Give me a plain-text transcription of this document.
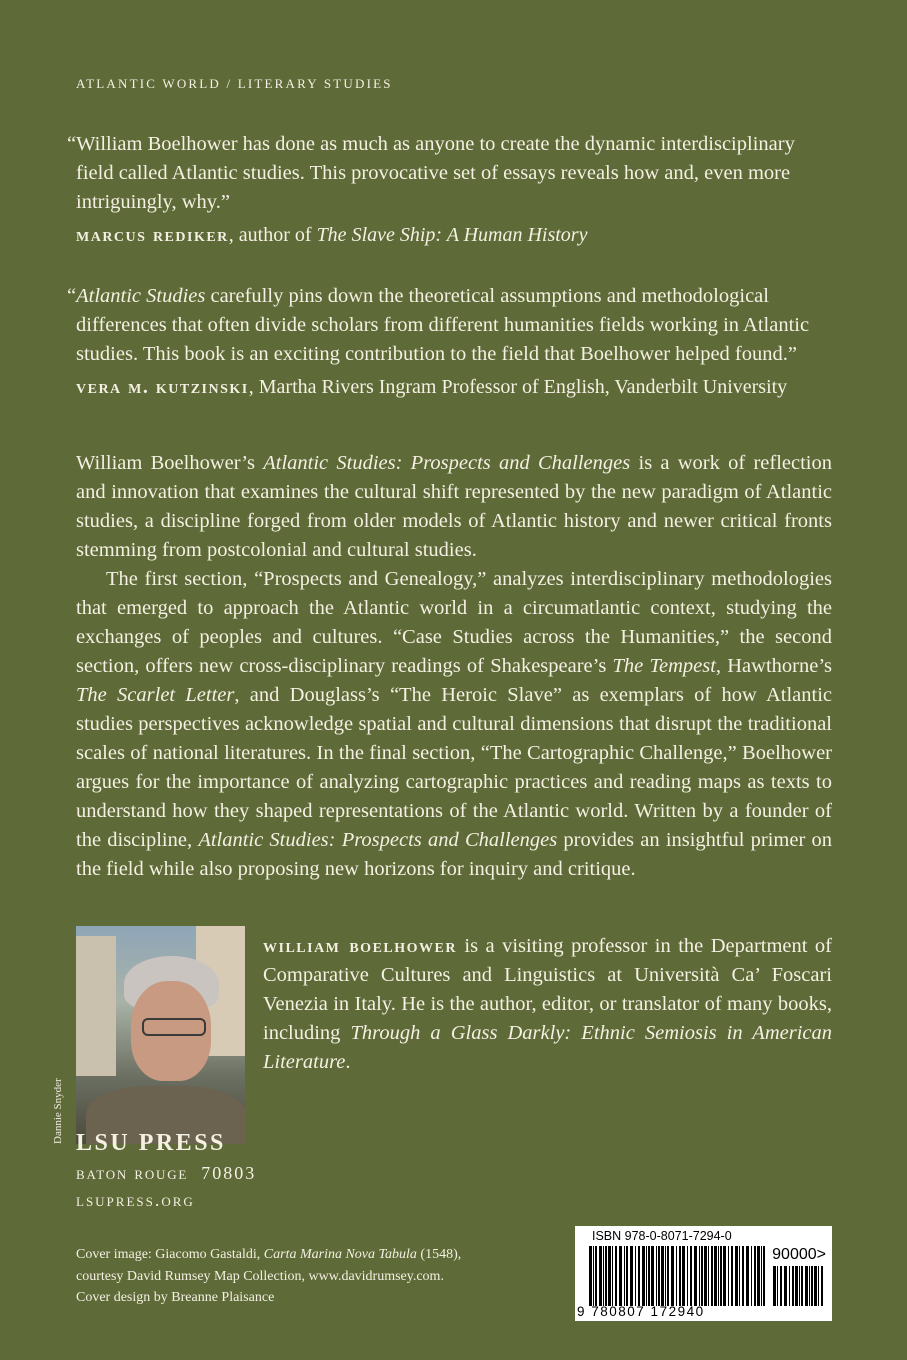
ATLANTIC WORLD / LITERARY STUDIES

“William Boelhower has done as much as anyone to create the dynamic interdisciplinary field called Atlantic studies. This provocative set of essays reveals how and, even more intriguingly, why.”

marcus rediker, author of The Slave Ship: A Human History

“Atlantic Studies carefully pins down the theoretical assumptions and methodological differences that often divide scholars from different humanities fields working in Atlantic studies. This book is an exciting contribution to the field that Boelhower helped found.”

vera m. kutzinski, Martha Rivers Ingram Professor of English, Vanderbilt University

William Boelhower’s Atlantic Studies: Prospects and Challenges is a work of reflection and innovation that examines the cultural shift represented by the new paradigm of Atlantic studies, a discipline forged from older models of Atlantic history and newer critical fronts stemming from postcolonial and cultural studies.

The first section, “Prospects and Genealogy,” analyzes interdisciplinary methodologies that emerged to approach the Atlantic world in a circumatlantic context, studying the exchanges of peoples and cultures. “Case Studies across the Humanities,” the second section, offers new cross-disciplinary readings of Shakespeare’s The Tempest, Hawthorne’s The Scarlet Letter, and Douglass’s “The Heroic Slave” as exemplars of how Atlantic studies perspectives acknowledge spatial and cultural dimensions that disrupt the traditional scales of national literatures. In the final section, “The Cartographic Challenge,” Boelhower argues for the importance of analyzing cartographic practices and reading maps as texts to understand how they shaped representations of the Atlantic world. Written by a founder of the discipline, Atlantic Studies: Prospects and Challenges provides an insightful primer on the field while also proposing new horizons for inquiry and critique.

Dannie Snyder
william boelhower is a visiting professor in the Department of Comparative Cultures and Linguistics at Università Ca’ Foscari Venezia in Italy. He is the author, editor, or translator of many books, including Through a Glass Darkly: Ethnic Semiosis in American Literature.
LSU PRESS
baton rouge 70803
lsupress.org
Cover image: Giacomo Gastaldi, Carta Marina Nova Tabula (1548),
courtesy David Rumsey Map Collection, www.davidrumsey.com.
Cover design by Breanne Plaisance
ISBN 978-0-8071-7294-0
90000>
9 780807 172940
